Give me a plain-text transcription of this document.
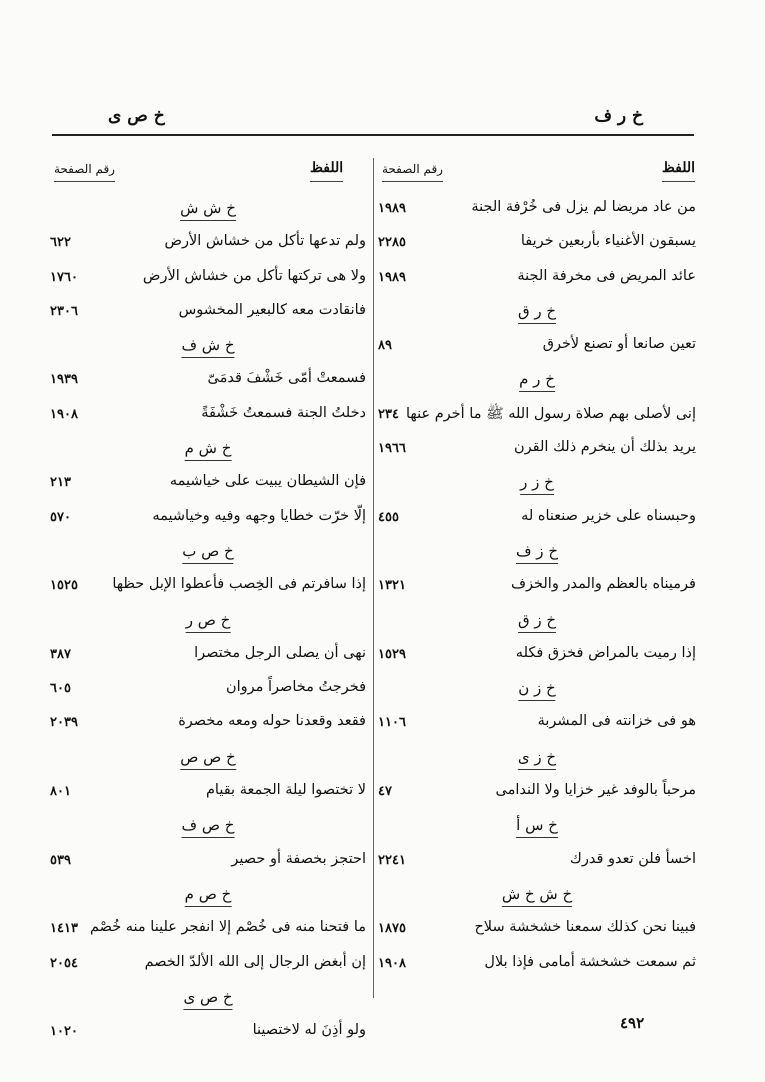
خ ر ف
خ ص ى
اللفظ
رقم الصفحة
اللفظ
رقم الصفحة
من عاد مريضا لم يزل فى خُرْفة الجنة
١٩٨٩
يسبقون الأغنياء بأربعين خريفا
٢٢٨٥
عائد المريض فى مخرفة الجنة
١٩٨٩
خ ر ق
تعين صانعا أو تصنع لأخرق
٨٩
خ ر م
إنى لأصلى بهم صلاة رسول الله ﷺ ما أخرم عنها
٢٣٤
يريد بذلك أن ينخرم ذلك القرن
١٩٦٦
خ ز ر
وحبسناه على خزير صنعناه له
٤٥٥
خ ز ف
فرميناه بالعظم والمدر والخزف
١٣٢١
خ ز ق
إذا رميت بالمراض فخزق فكله
١٥٢٩
خ ز ن
هو فى خزانته فى المشربة
١١٠٦
خ ز ى
مرحباً بالوفد غير خزايا ولا الندامى
٤٧
خ س أ
اخسأ فلن تعدو قدرك
٢٢٤١
خ ش خ ش
فبينا نحن كذلك سمعنا خشخشة سلاح
١٨٧٥
ثم سمعت خشخشة أمامى فإذا بلال
١٩٠٨
خ ش ش
ولم تدعها تأكل من خشاش الأرض
٦٢٢
ولا هى تركتها تأكل من خشاش الأرض
١٧٦٠
فانقادت معه كالبعير المخشوس
٢٣٠٦
خ ش ف
فسمعتْ أمّى خَشْفَ قدمَىّ
١٩٣٩
دخلتُ الجنة فسمعتُ خَشْفَةً
١٩٠٨
خ ش م
فإن الشيطان يبيت على خياشيمه
٢١٣
إلّا خرّت خطايا وجهه وفيه وخياشيمه
٥٧٠
خ ص ب
إذا سافرتم فى الخِصب فأعطوا الإبل حظها
١٥٢٥
خ ص ر
نهى أن يصلى الرجل مختصرا
٣٨٧
فخرجتُ مخاصراً مروان
٦٠٥
فقعد وقعدنا حوله ومعه مخصرة
٢٠٣٩
خ ص ص
لا تختصوا ليلة الجمعة بقيام
٨٠١
خ ص ف
احتجز بخصفة أو حصير
٥٣٩
خ ص م
ما فتحنا منه فى خُصْم إلا انفجر علينا منه خُصْم
١٤١٣
إن أبغض الرجال إلى الله الألدّ الخصم
٢٠٥٤
خ ص ى
ولو أذِنَ له لاختصينا
١٠٢٠	٤٩٢
